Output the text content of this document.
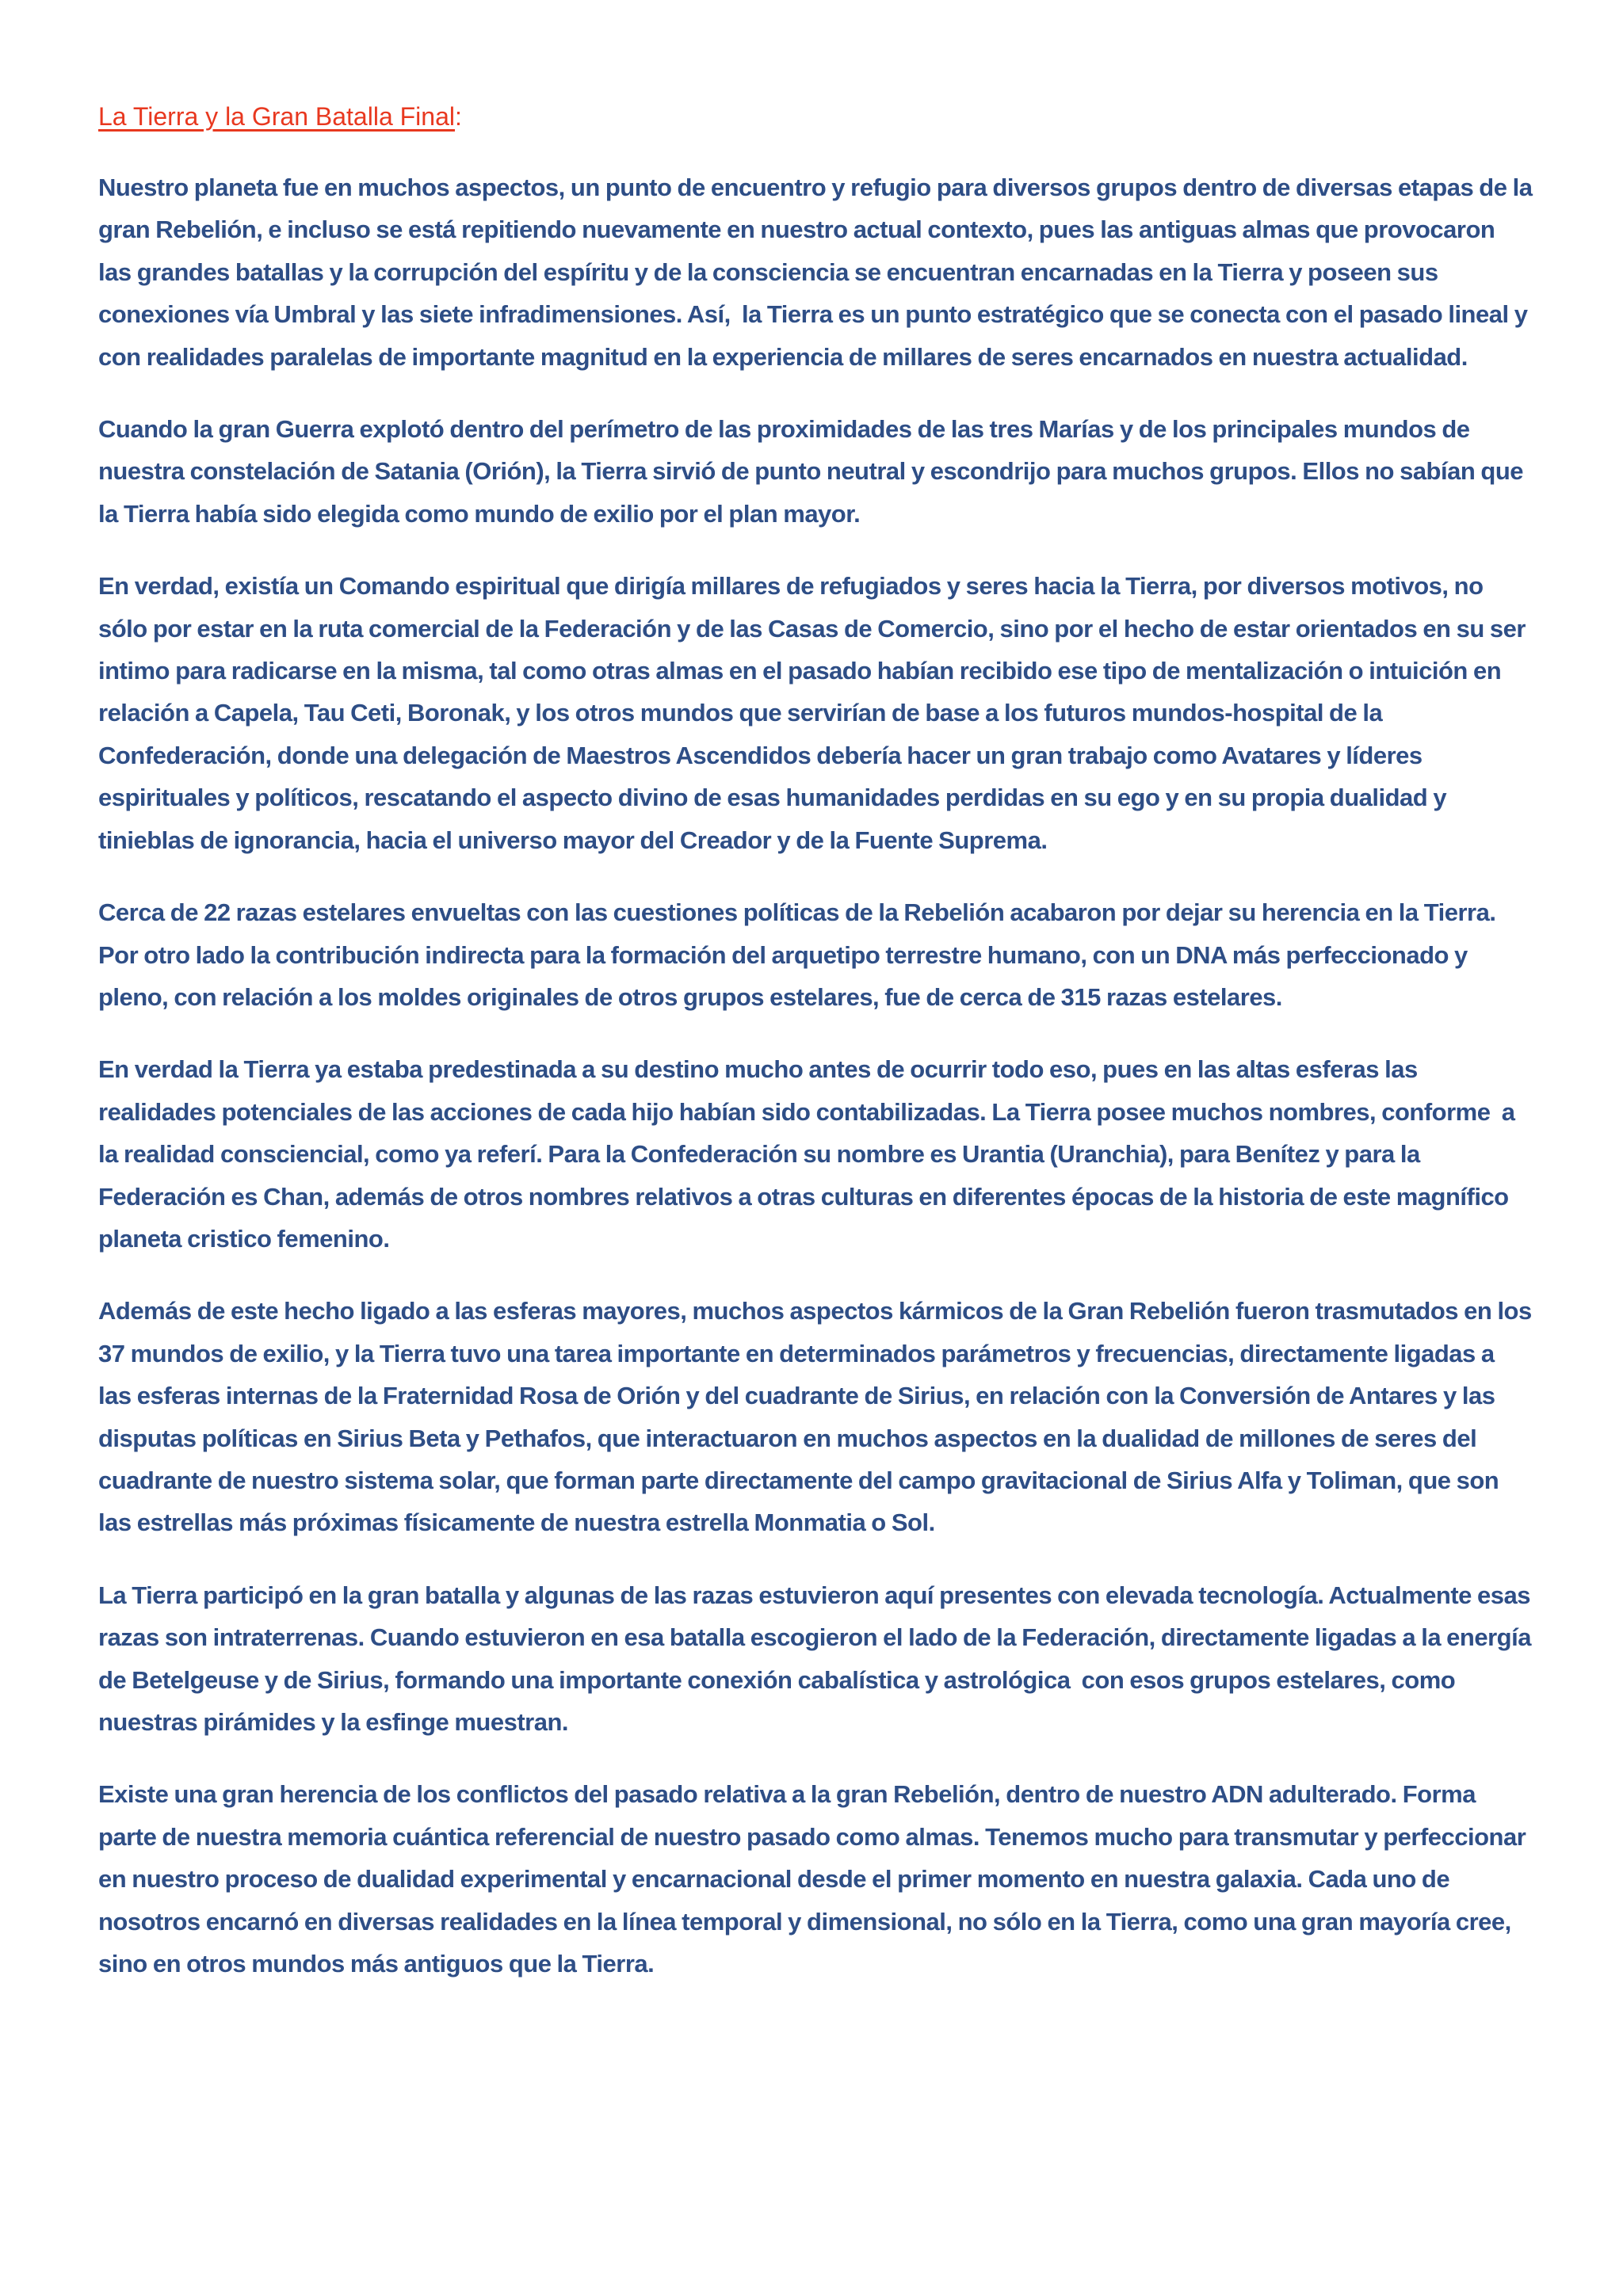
La Tierra y la Gran Batalla Final:

Nuestro planeta fue en muchos aspectos, un punto de encuentro y refugio para diversos grupos dentro de diversas etapas de la gran Rebelión, e incluso se está repitiendo nuevamente en nuestro actual contexto, pues las antiguas almas que provocaron las grandes batallas y la corrupción del espíritu y de la consciencia se encuentran encarnadas en la Tierra y poseen sus conexiones vía Umbral y las siete infradimensiones. Así,  la Tierra es un punto estratégico que se conecta con el pasado lineal y con realidades paralelas de importante magnitud en la experiencia de millares de seres encarnados en nuestra actualidad.

Cuando la gran Guerra explotó dentro del perímetro de las proximidades de las tres Marías y de los principales mundos de nuestra constelación de Satania (Orión), la Tierra sirvió de punto neutral y escondrijo para muchos grupos. Ellos no sabían que la Tierra había sido elegida como mundo de exilio por el plan mayor.

En verdad, existía un Comando espiritual que dirigía millares de refugiados y seres hacia la Tierra, por diversos motivos, no sólo por estar en la ruta comercial de la Federación y de las Casas de Comercio, sino por el hecho de estar orientados en su ser intimo para radicarse en la misma, tal como otras almas en el pasado habían recibido ese tipo de mentalización o intuición en relación a Capela, Tau Ceti, Boronak, y los otros mundos que servirían de base a los futuros mundos-hospital de la Confederación, donde una delegación de Maestros Ascendidos debería hacer un gran trabajo como Avatares y líderes espirituales y políticos, rescatando el aspecto divino de esas humanidades perdidas en su ego y en su propia dualidad y tinieblas de ignorancia, hacia el universo mayor del Creador y de la Fuente Suprema.

Cerca de 22 razas estelares envueltas con las cuestiones políticas de la Rebelión acabaron por dejar su herencia en la Tierra. Por otro lado la contribución indirecta para la formación del arquetipo terrestre humano, con un DNA más perfeccionado y pleno, con relación a los moldes originales de otros grupos estelares, fue de cerca de 315 razas estelares.

En verdad la Tierra ya estaba predestinada a su destino mucho antes de ocurrir todo eso, pues en las altas esferas las realidades potenciales de las acciones de cada hijo habían sido contabilizadas. La Tierra posee muchos nombres, conforme  a la realidad consciencial, como ya referí. Para la Confederación su nombre es Urantia (Uranchia), para Benítez y para la Federación es Chan, además de otros nombres relativos a otras culturas en diferentes épocas de la historia de este magnífico planeta cristico femenino.

Además de este hecho ligado a las esferas mayores, muchos aspectos kármicos de la Gran Rebelión fueron trasmutados en los 37 mundos de exilio, y la Tierra tuvo una tarea importante en determinados parámetros y frecuencias, directamente ligadas a las esferas internas de la Fraternidad Rosa de Orión y del cuadrante de Sirius, en relación con la Conversión de Antares y las disputas políticas en Sirius Beta y Pethafos, que interactuaron en muchos aspectos en la dualidad de millones de seres del cuadrante de nuestro sistema solar, que forman parte directamente del campo gravitacional de Sirius Alfa y Toliman, que son las estrellas más próximas físicamente de nuestra estrella Monmatia o Sol.

La Tierra participó en la gran batalla y algunas de las razas estuvieron aquí presentes con elevada tecnología. Actualmente esas razas son intraterrenas. Cuando estuvieron en esa batalla escogieron el lado de la Federación, directamente ligadas a la energía de Betelgeuse y de Sirius, formando una importante conexión cabalística y astrológica  con esos grupos estelares, como nuestras pirámides y la esfinge muestran.

Existe una gran herencia de los conflictos del pasado relativa a la gran Rebelión, dentro de nuestro ADN adulterado. Forma parte de nuestra memoria cuántica referencial de nuestro pasado como almas. Tenemos mucho para transmutar y perfeccionar en nuestro proceso de dualidad experimental y encarnacional desde el primer momento en nuestra galaxia. Cada uno de nosotros encarnó en diversas realidades en la línea temporal y dimensional, no sólo en la Tierra, como una gran mayoría cree, sino en otros mundos más antiguos que la Tierra.
